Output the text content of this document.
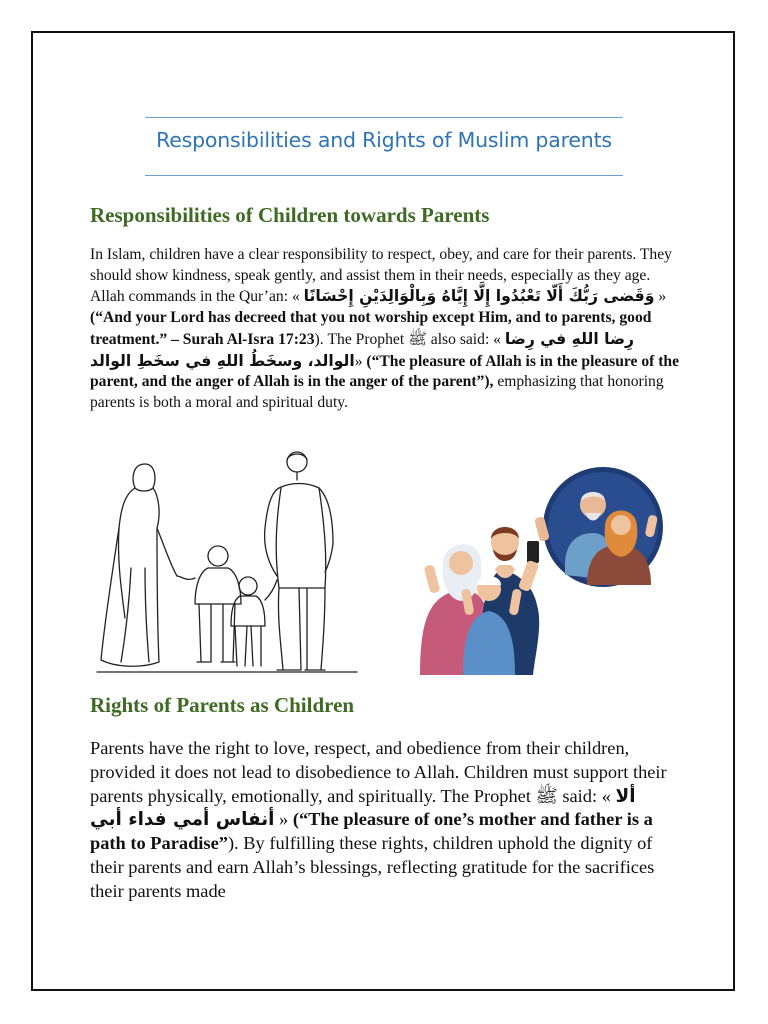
Responsibilities and Rights of Muslim parents
Responsibilities of Children towards Parents

In Islam, children have a clear responsibility to respect, obey, and care for their parents. They should show kindness, speak gently, and assist them in their needs, especially as they age. Allah commands in the Qur’an: « وَقَضى رَبُّكَ أَلّا تَعْبُدُوا إِلَّا إِيَّاهُ وَبِالْوَالِدَيْنِ إِحْسَانًا » (“And your Lord has decreed that you not worship except Him, and to parents, good treatment.” – Surah Al-Isra 17:23). The Prophet ﷺ also said: « رِضا اللهِ في رِضا الوالد، وسخَطُ اللهِ في سخَطِ الوالد» (“The pleasure of Allah is in the pleasure of the parent, and the anger of Allah is in the anger of the parent”), emphasizing that honoring parents is both a moral and spiritual duty.

Rights of Parents as Children

Parents have the right to love, respect, and obedience from their children, provided it does not lead to disobedience to Allah. Children must support their parents physically, emotionally, and spiritually. The Prophet ﷺ said: « ألا أنفاس أمي فداء أبي » (“The pleasure of one’s mother and father is a path to Paradise”). By fulfilling these rights, children uphold the dignity of their parents and earn Allah’s blessings, reflecting gratitude for the sacrifices their parents made
